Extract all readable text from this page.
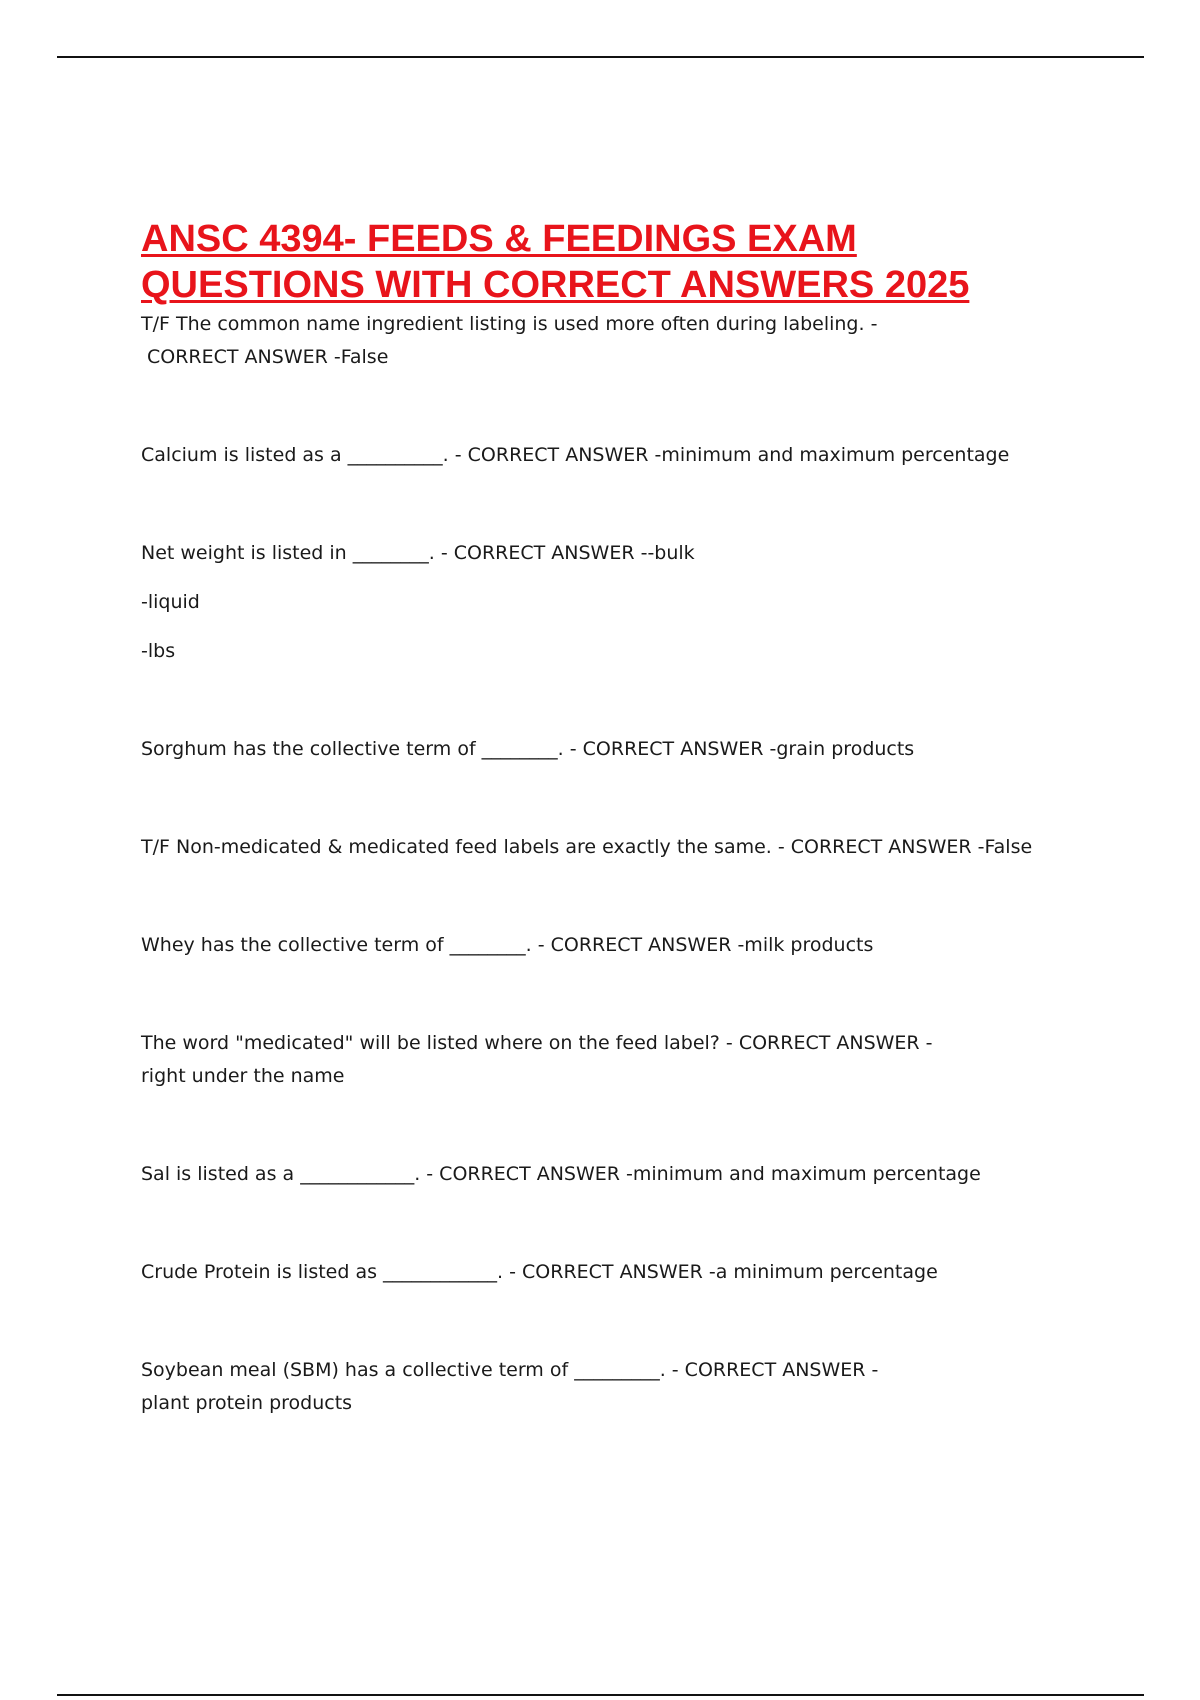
ANSC 4394- FEEDS & FEEDINGS EXAM
QUESTIONS WITH CORRECT ANSWERS 2025

T/F The common name ingredient listing is used more often during labeling. -
CORRECT ANSWER -False

Calcium is listed as a __________. - CORRECT ANSWER -minimum and maximum percentage

Net weight is listed in ________. - CORRECT ANSWER --bulk

-liquid

-lbs

Sorghum has the collective term of ________. - CORRECT ANSWER -grain products

T/F Non-medicated & medicated feed labels are exactly the same. - CORRECT ANSWER -False

Whey has the collective term of ________. - CORRECT ANSWER -milk products

The word "medicated" will be listed where on the feed label? - CORRECT ANSWER -
right under the name

Sal is listed as a ____________. - CORRECT ANSWER -minimum and maximum percentage

Crude Protein is listed as ____________. - CORRECT ANSWER -a minimum percentage

Soybean meal (SBM) has a collective term of _________. - CORRECT ANSWER -
plant protein products
